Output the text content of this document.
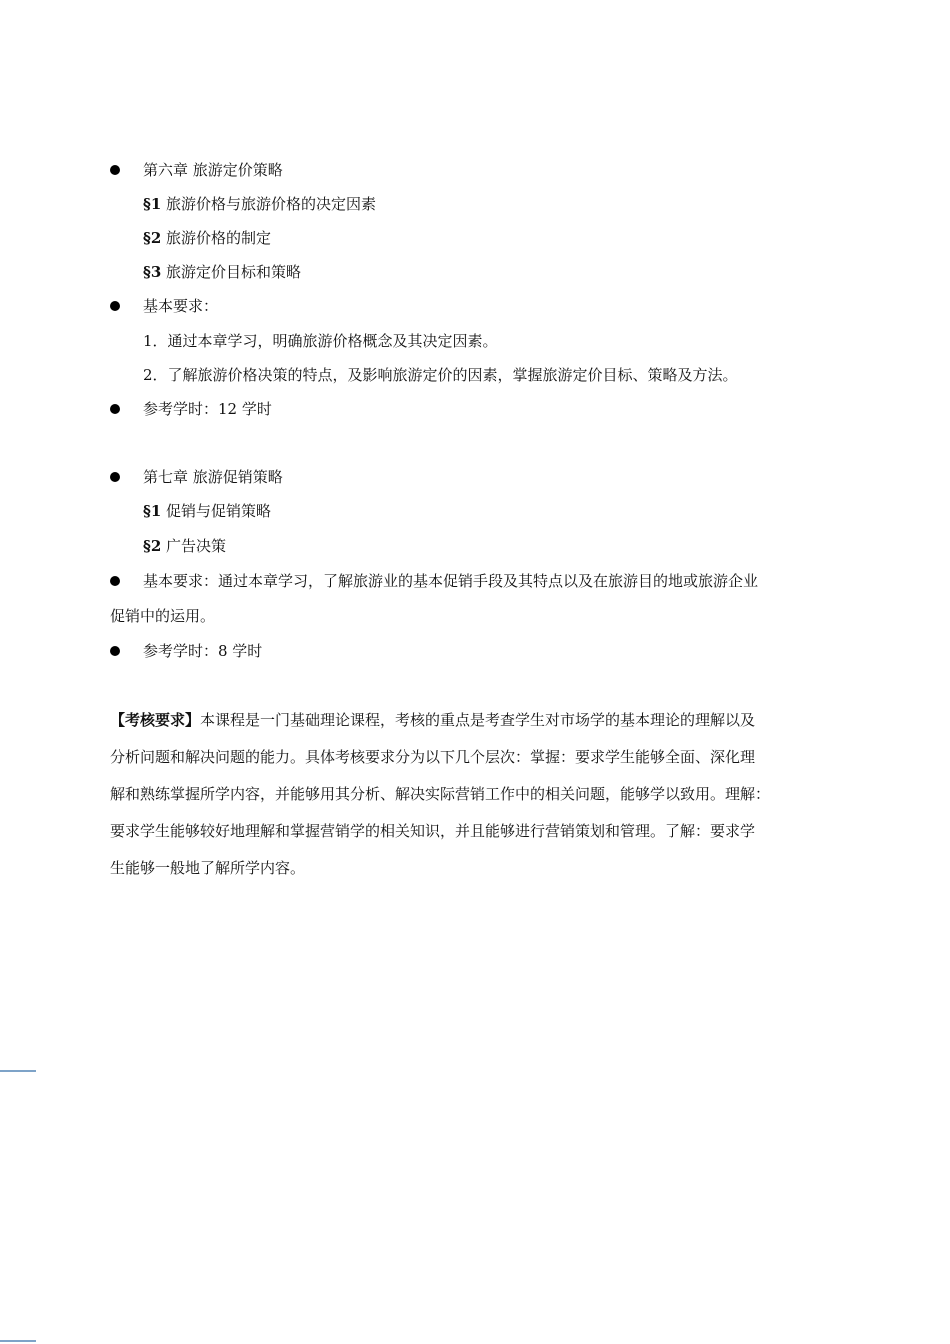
第六章 旅游定价策略
§1 旅游价格与旅游价格的决定因素
§2 旅游价格的制定
§3 旅游定价目标和策略
基本要求：
1．通过本章学习，明确旅游价格概念及其决定因素。
2．了解旅游价格决策的特点，及影响旅游定价的因素，掌握旅游定价目标、策略及方法。
参考学时：12 学时
第七章 旅游促销策略
§1 促销与促销策略
§2 广告决策
基本要求：通过本章学习，了解旅游业的基本促销手段及其特点以及在旅游目的地或旅游企业
促销中的运用。
参考学时：8 学时
【考核要求】本课程是一门基础理论课程，考核的重点是考查学生对市场学的基本理论的理解以及
分析问题和解决问题的能力。具体考核要求分为以下几个层次：掌握：要求学生能够全面、深化理
解和熟练掌握所学内容，并能够用其分析、解决实际营销工作中的相关问题，能够学以致用。理解：
要求学生能够较好地理解和掌握营销学的相关知识，并且能够进行营销策划和管理。了解：要求学
生能够一般地了解所学内容。
